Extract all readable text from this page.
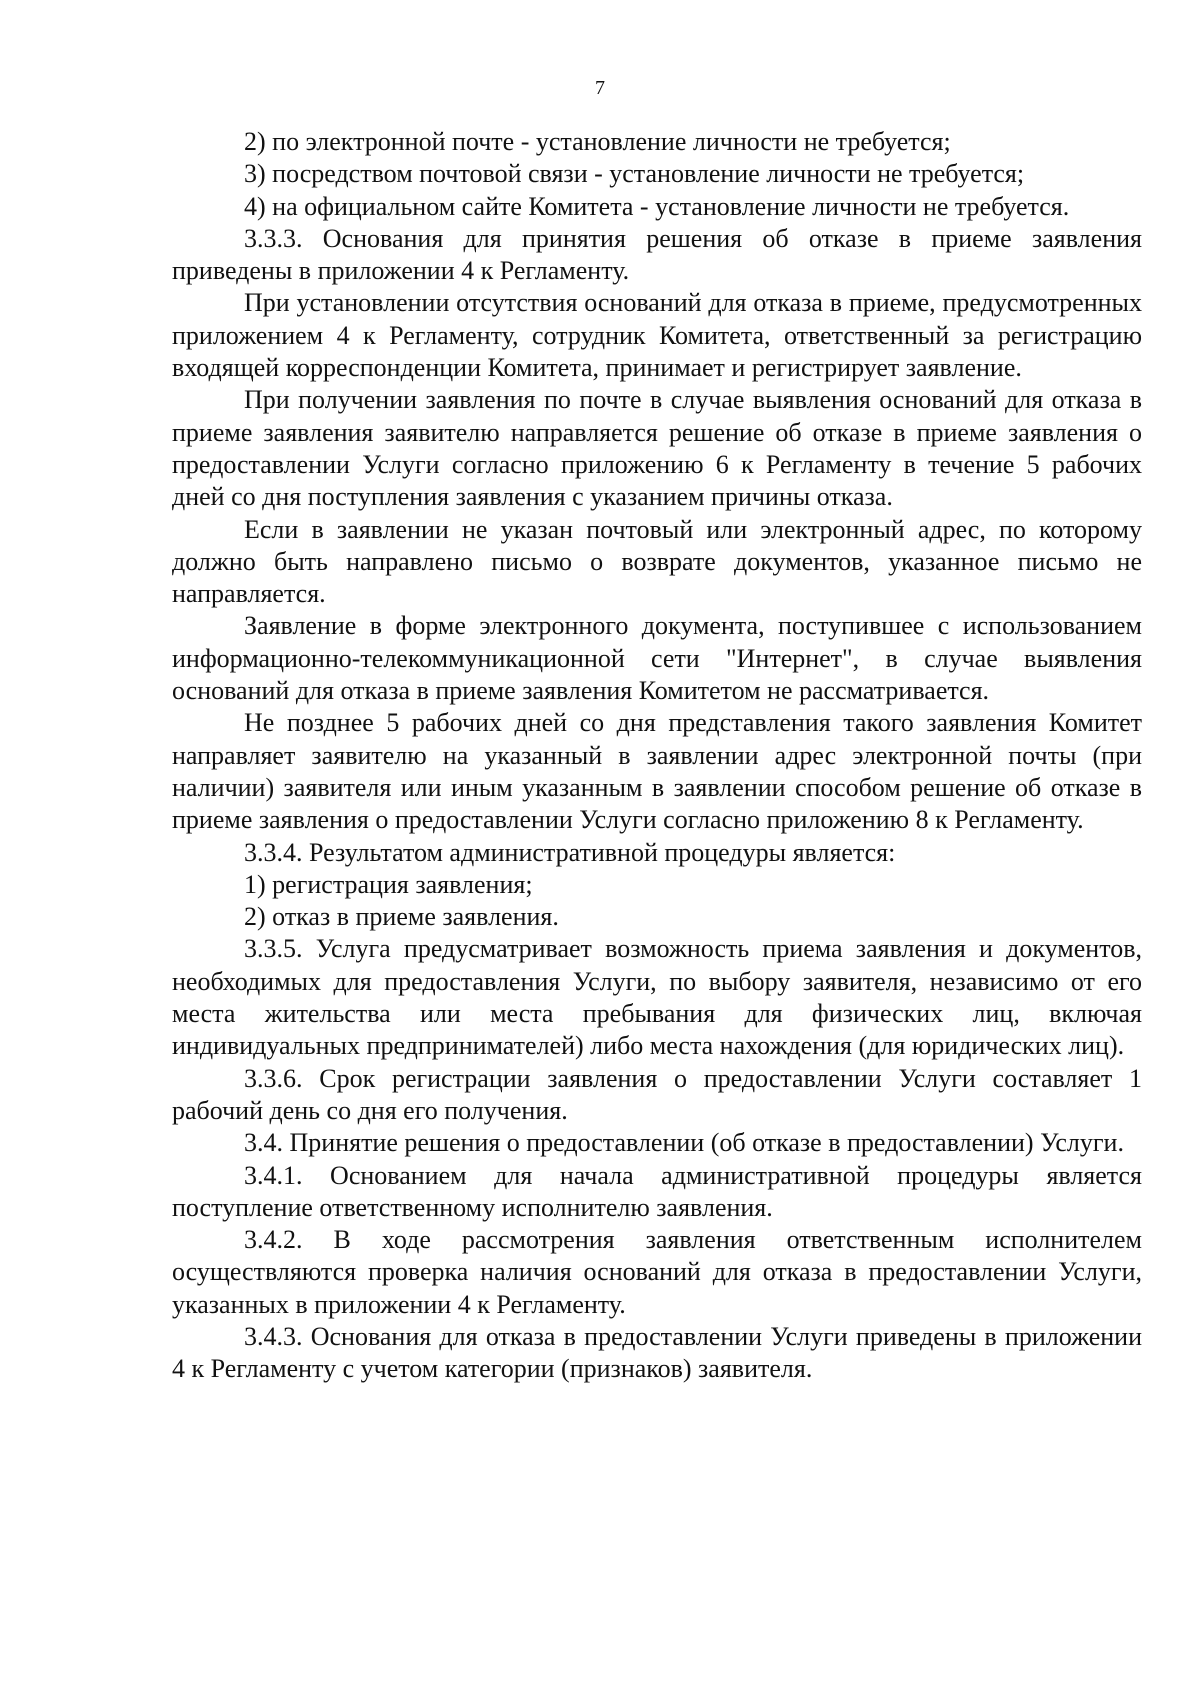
7

2) по электронной почте - установление личности не требуется;

3) посредством почтовой связи - установление личности не требуется;

4) на официальном сайте Комитета - установление личности не требуется.

3.3.3. Основания для принятия решения об отказе в приеме заявления приведены в приложении 4 к Регламенту.

При установлении отсутствия оснований для отказа в приеме, предусмотренных приложением 4 к Регламенту, сотрудник Комитета, ответственный за регистрацию входящей корреспонденции Комитета, принимает и регистрирует заявление.

При получении заявления по почте в случае выявления оснований для отказа в приеме заявления заявителю направляется решение об отказе в приеме заявления о предоставлении Услуги согласно приложению 6 к Регламенту в течение 5 рабочих дней со дня поступления заявления с указанием причины отказа.

Если в заявлении не указан почтовый или электронный адрес, по которому должно быть направлено письмо о возврате документов, указанное письмо не направляется.

Заявление в форме электронного документа, поступившее с использованием информационно-телекоммуникационной сети "Интернет", в случае выявления оснований для отказа в приеме заявления Комитетом не рассматривается.

Не позднее 5 рабочих дней со дня представления такого заявления Комитет направляет заявителю на указанный в заявлении адрес электронной почты (при наличии) заявителя или иным указанным в заявлении способом решение об отказе в приеме заявления о предоставлении Услуги согласно приложению 8 к Регламенту.

3.3.4. Результатом административной процедуры является:

1) регистрация заявления;

2) отказ в приеме заявления.

3.3.5. Услуга предусматривает возможность приема заявления и документов, необходимых для предоставления Услуги, по выбору заявителя, независимо от его места жительства или места пребывания для физических лиц, включая индивидуальных предпринимателей) либо места нахождения (для юридических лиц).

3.3.6. Срок регистрации заявления о предоставлении Услуги составляет 1 рабочий день со дня его получения.

3.4. Принятие решения о предоставлении (об отказе в предоставлении) Услуги.

3.4.1. Основанием для начала административной процедуры является поступление ответственному исполнителю заявления.

3.4.2. В ходе рассмотрения заявления ответственным исполнителем осуществляются проверка наличия оснований для отказа в предоставлении Услуги, указанных в приложении 4 к Регламенту.

3.4.3. Основания для отказа в предоставлении Услуги приведены в приложении 4 к Регламенту с учетом категории (признаков) заявителя.
